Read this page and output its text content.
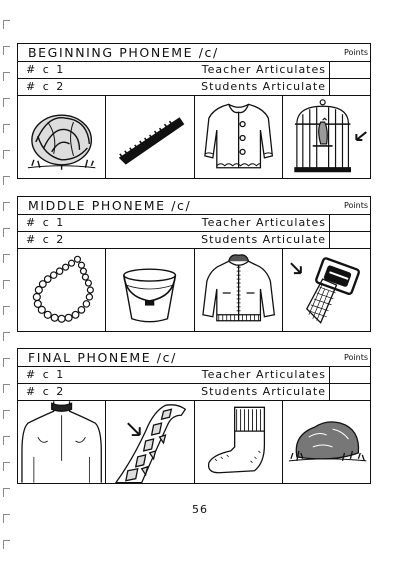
BEGINNING PHONEME /c/	Points
# c 1	Teacher Articulates
# c 2	Students Articulate
MIDDLE PHONEME /c/	Points
# c 1	Teacher Articulates
# c 2	Students Articulate
FINAL PHONEME /c/	Points
# c 1	Teacher Articulates
# c 2	Students Articulate
56
